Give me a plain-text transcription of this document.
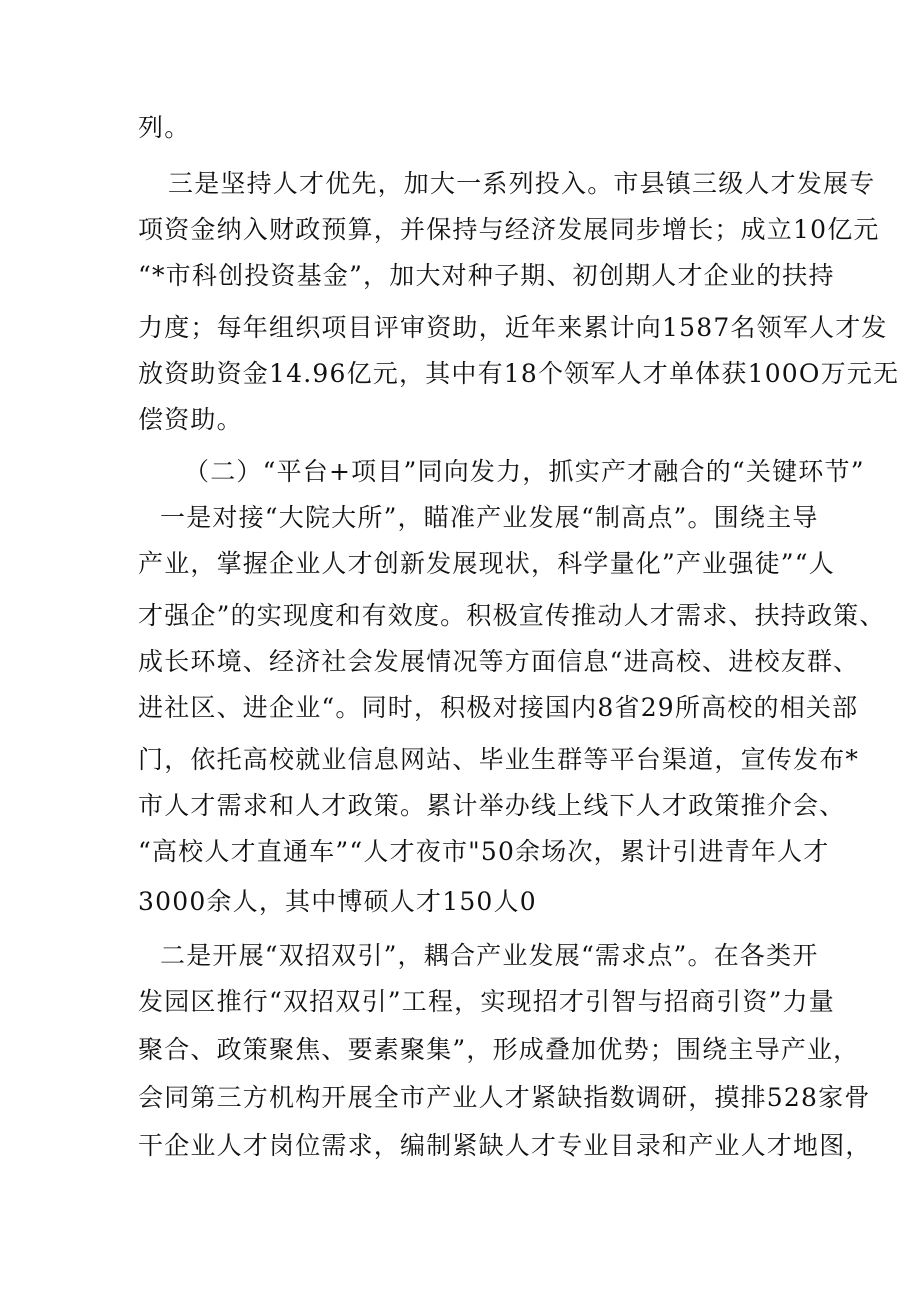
列。
三是坚持人才优先，加大一系列投入。市县镇三级人才发展专
项资金纳入财政预算，并保持与经济发展同步增长；成立10亿元
“*市科创投资基金”，加大对种子期、初创期人才企业的扶持
力度；每年组织项目评审资助，近年来累计向1587名领军人才发
放资助资金14.96亿元，其中有18个领军人才单体获100O万元无
偿资助。
（二）“平台+项目”同向发力，抓实产才融合的“关键环节”
一是对接“大院大所”，瞄准产业发展“制高点”。围绕主导
产业，掌握企业人才创新发展现状，科学量化”产业强徒”“人
才强企”的实现度和有效度。积极宣传推动人才需求、扶持政策、
成长环境、经济社会发展情况等方面信息“进高校、进校友群、
进社区、进企业“。同时，积极对接国内8省29所高校的相关部
门，依托高校就业信息网站、毕业生群等平台渠道，宣传发布*
市人才需求和人才政策。累计举办线上线下人才政策推介会、
“高校人才直通车”“人才夜市"50余场次，累计引进青年人才
3000余人，其中博硕人才150人0
二是开展“双招双引”，耦合产业发展“需求点”。在各类开
发园区推行“双招双引”工程，实现招才引智与招商引资”力量
聚合、政策聚焦、要素聚集”，形成叠加优势；围绕主导产业，
会同第三方机构开展全市产业人才紧缺指数调研，摸排528家骨
干企业人才岗位需求，编制紧缺人才专业目录和产业人才地图，
